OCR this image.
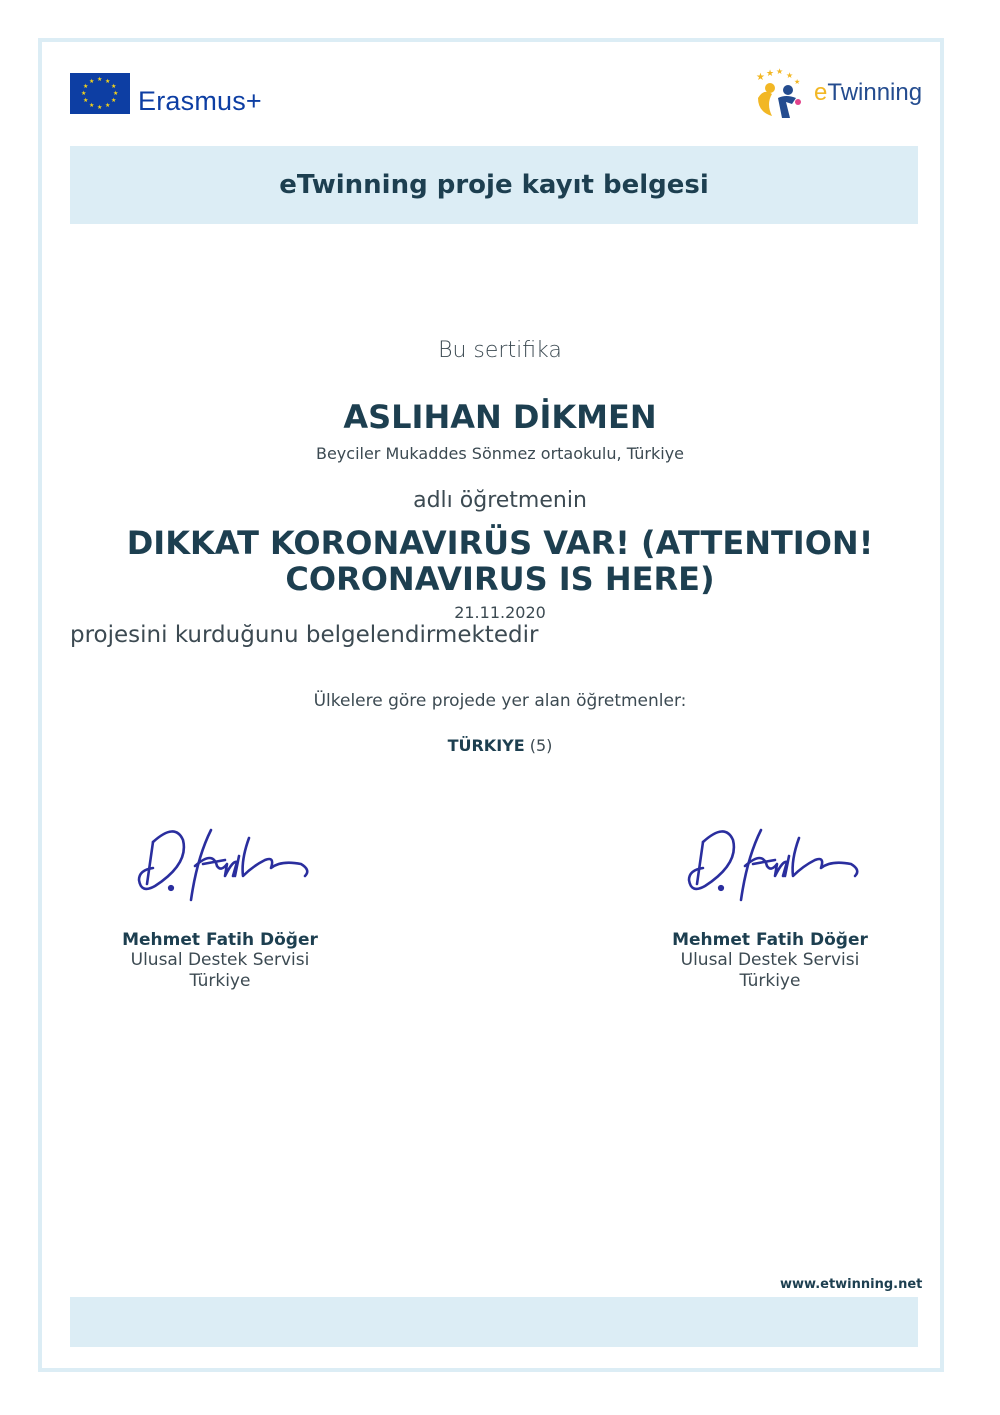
★ ★
★
★
★
★
★
★
★
★
★
★
Erasmus+
★ ★ ★ ★
★ eTwinning
eTwinning proje kayıt belgesi
Bu sertifika
ASLIHAN DİKMEN
Beyciler Mukaddes Sönmez ortaokulu, Türkiye
adlı öğretmenin
DIKKAT KORONAVIRÜS VAR! (ATTENTION!
CORONAVIRUS IS HERE)
21.11.2020
projesini kurduğunu belgelendirmektedir
Ülkelere göre projede yer alan öğretmenler:
TÜRKIYE (5)
Mehmet Fatih Döğer
Ulusal Destek Servisi
Türkiye
Mehmet Fatih Döğer
Ulusal Destek Servisi
Türkiye
www.etwinning.net
